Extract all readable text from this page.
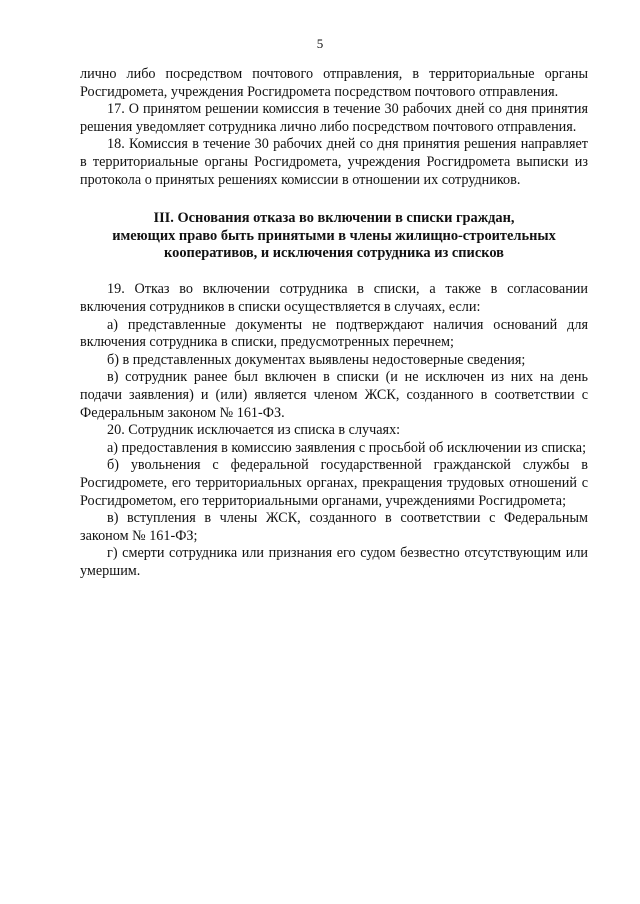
5

лично либо посредством почтового отправления, в территориальные органы Росгидромета, учреждения Росгидромета посредством почтового отправления.

17. О принятом решении комиссия в течение 30 рабочих дней со дня принятия решения уведомляет сотрудника лично либо посредством почтового отправления.

18. Комиссия в течение 30 рабочих дней со дня принятия решения направляет в территориальные органы Росгидромета, учреждения Росгидромета выписки из протокола о принятых решениях комиссии в отношении их сотрудников.

III. Основания отказа во включении в списки граждан,
имеющих право быть принятыми в члены жилищно-строительных
кооперативов, и исключения сотрудника из списков

19. Отказ во включении сотрудника в списки, а также в согласовании включения сотрудников в списки осуществляется в случаях, если:

а) представленные документы не подтверждают наличия оснований для включения сотрудника в списки, предусмотренных перечнем;

б) в представленных документах выявлены недостоверные сведения;

в) сотрудник ранее был включен в списки (и не исключен из них на день подачи заявления) и (или) является членом ЖСК, созданного в соответствии с Федеральным законом № 161-ФЗ.

20. Сотрудник исключается из списка в случаях:

а) предоставления в комиссию заявления с просьбой об исключении из списка;

б) увольнения с федеральной государственной гражданской службы в Росгидромете, его территориальных органах, прекращения трудовых отношений с Росгидрометом, его территориальными органами, учреждениями Росгидромета;

в) вступления в члены ЖСК, созданного в соответствии с Федеральным законом № 161-ФЗ;

г) смерти сотрудника или признания его судом безвестно отсутствующим или умершим.
